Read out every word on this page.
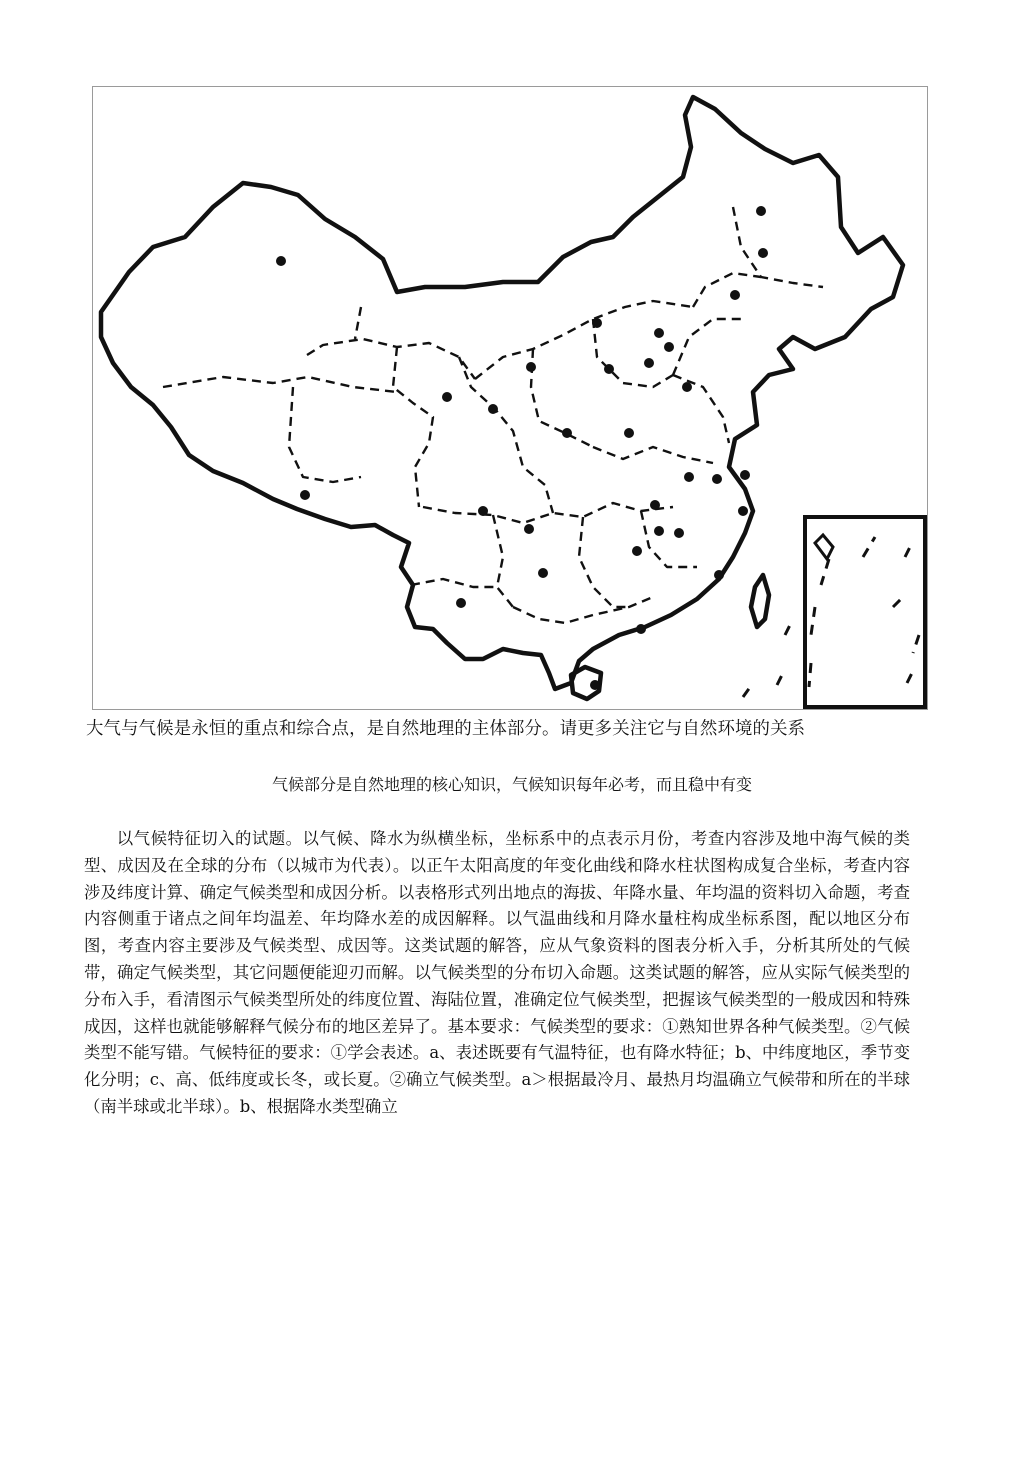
大气与气候是永恒的重点和综合点，是自然地理的主体部分。请更多关注它与自然环境的关系
气候部分是自然地理的核心知识，气候知识每年必考，而且稳中有变

以气候特征切入的试题。以气候、降水为纵横坐标，坐标系中的点表示月份，考查内容涉及地中海气候的类型、成因及在全球的分布（以城市为代表）。以正午太阳高度的年变化曲线和降水柱状图构成复合坐标，考查内容涉及纬度计算、确定气候类型和成因分析。以表格形式列出地点的海拔、年降水量、年均温的资料切入命题，考查内容侧重于诸点之间年均温差、年均降水差的成因解释。以气温曲线和月降水量柱构成坐标系图，配以地区分布图，考查内容主要涉及气候类型、成因等。这类试题的解答，应从气象资料的图表分析入手，分析其所处的气候带，确定气候类型，其它问题便能迎刃而解。以气候类型的分布切入命题。这类试题的解答，应从实际气候类型的分布入手，看清图示气候类型所处的纬度位置、海陆位置，准确定位气候类型，把握该气候类型的一般成因和特殊成因，这样也就能够解释气候分布的地区差异了。基本要求：气候类型的要求：①熟知世界各种气候类型。②气候类型不能写错。气候特征的要求：①学会表述。a、表述既要有气温特征，也有降水特征；b、中纬度地区，季节变化分明；c、高、低纬度或长冬，或长夏。②确立气候类型。a＞根据最冷月、最热月均温确立气候带和所在的半球（南半球或北半球）。b、根据降水类型确立
